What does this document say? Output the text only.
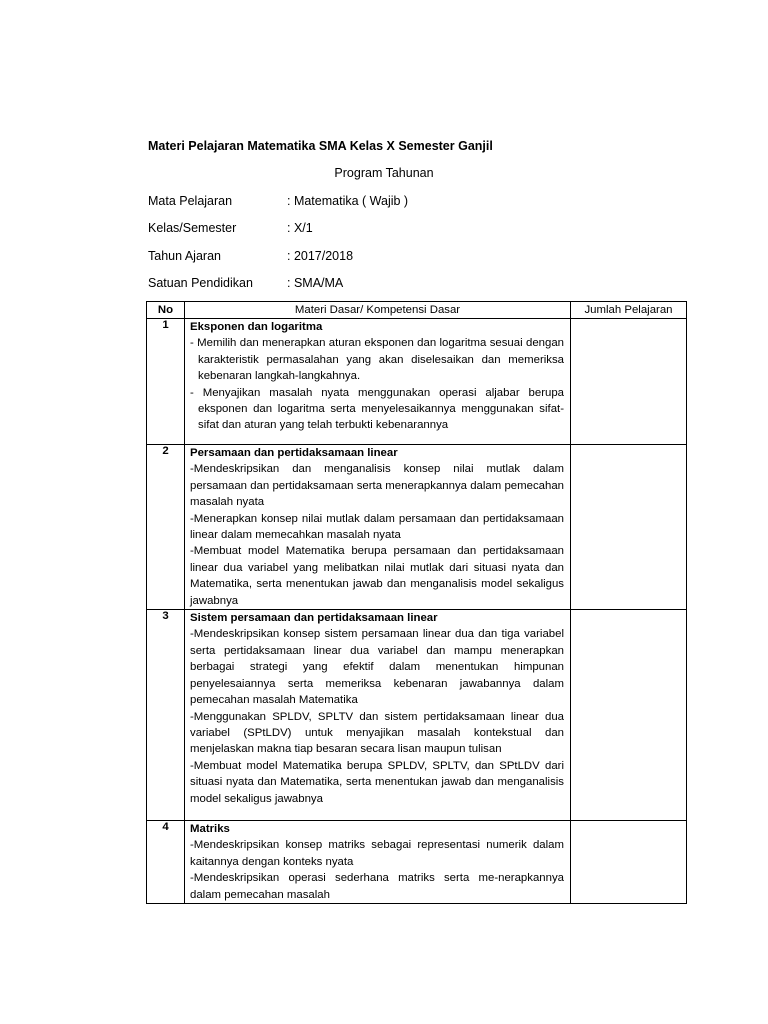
Materi Pelajaran Matematika SMA Kelas X Semester Ganjil
Program Tahunan
Mata Pelajaran	: Matematika ( Wajib )
Kelas/Semester	: X/1
Tahun Ajaran	: 2017/2018
Satuan Pendidikan	: SMA/MA
No	Materi Dasar/ Kompetensi Dasar	Jumlah Pelajaran
1	Eksponen dan logaritma
- Memilih dan menerapkan aturan eksponen dan logaritma sesuai dengan karakteristik permasalahan yang akan diselesaikan dan memeriksa kebenaran langkah-langkahnya.
- Menyajikan masalah nyata menggunakan operasi aljabar berupa eksponen dan logaritma serta menyelesaikannya menggunakan sifat-sifat dan aturan yang telah terbukti kebenarannya	

2	Persamaan dan pertidaksamaan linear
-Mendeskripsikan dan menganalisis konsep nilai mutlak dalam persamaan dan pertidaksamaan serta menerapkannya dalam pemecahan masalah nyata
-Menerapkan konsep nilai mutlak dalam persamaan dan pertidaksamaan linear dalam memecahkan masalah nyata
-Membuat model Matematika berupa persamaan dan pertidaksamaan linear dua variabel yang melibatkan nilai mutlak dari situasi nyata dan Matematika, serta menentukan jawab dan menganalisis model sekaligus jawabnya	

3	Sistem persamaan dan pertidaksamaan linear
-Mendeskripsikan konsep sistem persamaan linear dua dan tiga variabel serta pertidaksamaan linear dua variabel dan mampu menerapkan berbagai strategi yang efektif dalam menentukan himpunan penyelesaiannya serta memeriksa kebenaran jawabannya dalam pemecahan masalah Matematika
-Menggunakan SPLDV, SPLTV dan sistem pertidaksamaan linear dua variabel (SPtLDV) untuk menyajikan masalah kontekstual dan menjelaskan makna tiap besaran secara lisan maupun tulisan
-Membuat model Matematika berupa SPLDV, SPLTV, dan SPtLDV dari situasi nyata dan Matematika, serta menentukan jawab dan menganalisis model sekaligus jawabnya	

4	Matriks
-Mendeskripsikan konsep matriks sebagai representasi numerik dalam kaitannya dengan konteks nyata
-Mendeskripsikan operasi sederhana matriks serta me-nerapkannya dalam pemecahan masalah	
